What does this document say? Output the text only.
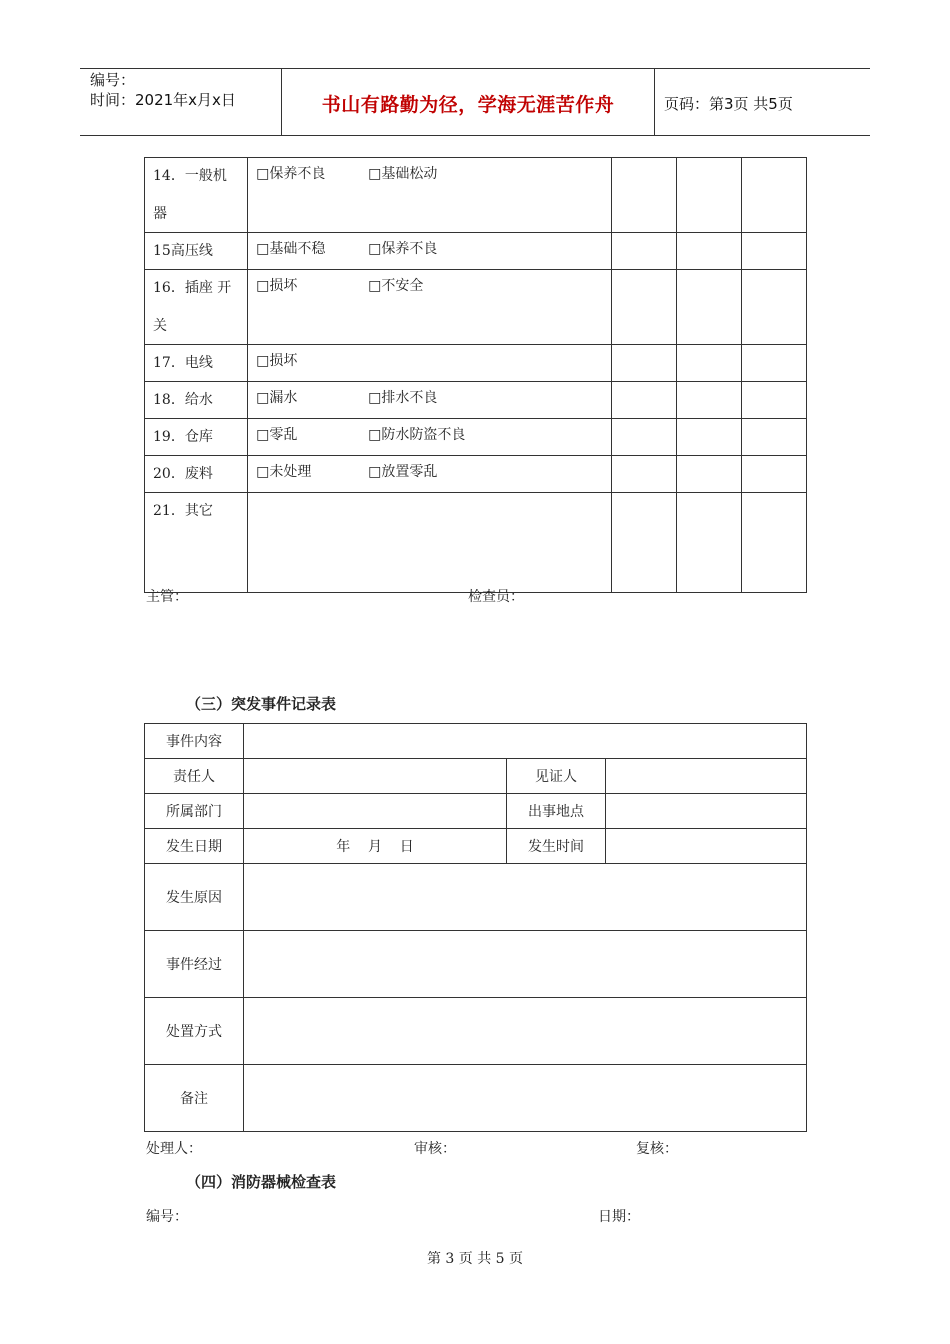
编号：
时间：2021年x月x日	书山有路勤为径，学海无涯苦作舟	页码：第3页 共5页
14．一般机
器	□保养不良 □基础松动			

15高压线	□基础不稳 □保养不良			

16．插座 开
关	□损坏 □不安全			

17．电线	□损坏			

18．给水	□漏水 □排水不良			

19．仓库	□零乱 □防水防盗不良			

20．废料	□未处理 □放置零乱			

21．其它				

主管：	检查员：
（三）突发事件记录表
事件内容			
责任人		见证人	
所属部门		出事地点	
发生日期	年    月    日	发生时间	
发生原因			
事件经过			
处置方式			
备注			
处理人：	审核：	复核：
（四）消防器械检查表
编号：	日期：
第 3 页 共 5 页
